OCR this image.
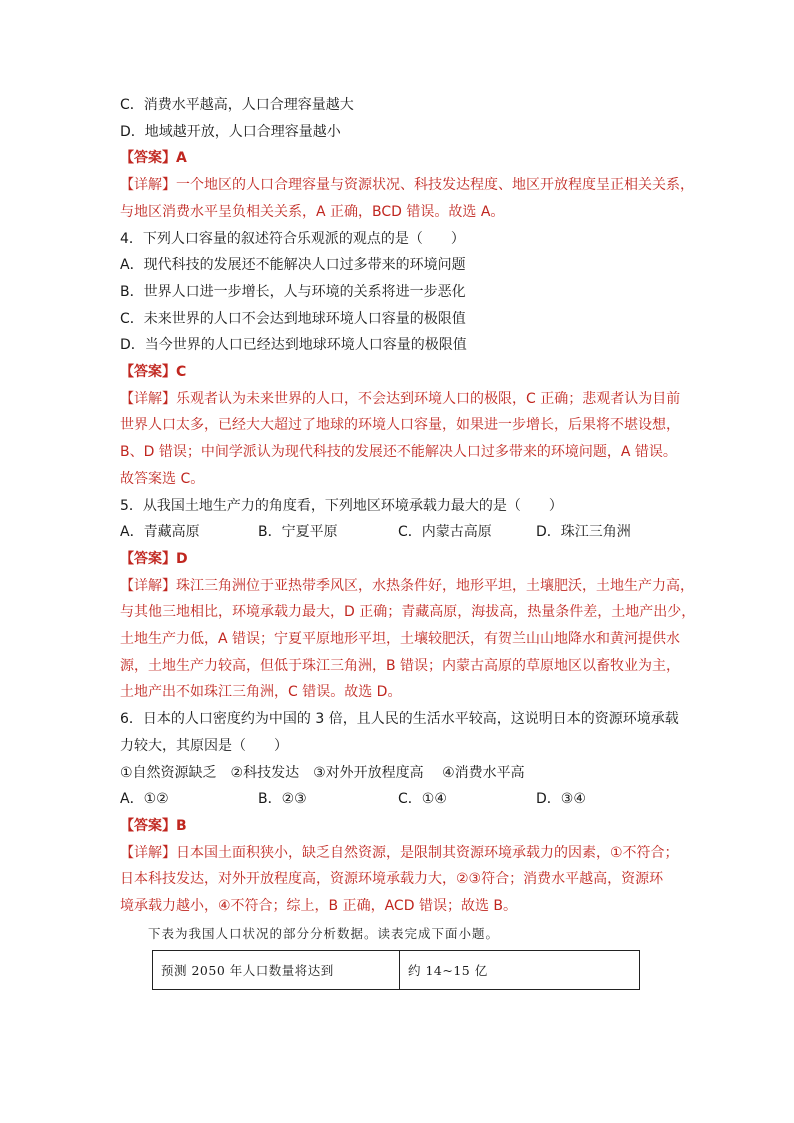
C．消费水平越高，人口合理容量越大
D．地域越开放，人口合理容量越小
【答案】A
【详解】一个地区的人口合理容量与资源状况、科技发达程度、地区开放程度呈正相关关系，
与地区消费水平呈负相关关系，A 正确，BCD 错误。故选 A。
4．下列人口容量的叙述符合乐观派的观点的是（　　）
A．现代科技的发展还不能解决人口过多带来的环境问题
B．世界人口进一步增长，人与环境的关系将进一步恶化
C．未来世界的人口不会达到地球环境人口容量的极限值
D．当今世界的人口已经达到地球环境人口容量的极限值
【答案】C
【详解】乐观者认为未来世界的人口，不会达到环境人口的极限，C 正确；悲观者认为目前
世界人口太多，已经大大超过了地球的环境人口容量，如果进一步增长，后果将不堪设想，
B、D 错误；中间学派认为现代科技的发展还不能解决人口过多带来的环境问题，A 错误。
故答案选 C。
5．从我国土地生产力的角度看，下列地区环境承载力最大的是（　　）
A．青藏高原	B．宁夏平原	C．内蒙古高原	D．珠江三角洲
【答案】D
【详解】珠江三角洲位于亚热带季风区，水热条件好，地形平坦，土壤肥沃，土地生产力高，
与其他三地相比，环境承载力最大，D 正确；青藏高原，海拔高，热量条件差，土地产出少，
土地生产力低，A 错误；宁夏平原地形平坦，土壤较肥沃，有贺兰山山地降水和黄河提供水
源，土地生产力较高，但低于珠江三角洲，B 错误；内蒙古高原的草原地区以畜牧业为主，
土地产出不如珠江三角洲，C 错误。故选 D。
6．日本的人口密度约为中国的 3 倍，且人民的生活水平较高，这说明日本的资源环境承载
力较大，其原因是（　　）
①自然资源缺乏　②科技发达　③对外开放程度高　 ④消费水平高
A．①②	B．②③	C．①④	D．③④
【答案】B
【详解】日本国土面积狭小，缺乏自然资源，是限制其资源环境承载力的因素，①不符合；
日本科技发达，对外开放程度高，资源环境承载力大，②③符合；消费水平越高，资源环
境承载力越小，④不符合；综上，B 正确，ACD 错误；故选 B。
下表为我国人口状况的部分分析数据。读表完成下面小题。
预测 2050 年人口数量将达到	约 14~15 亿
